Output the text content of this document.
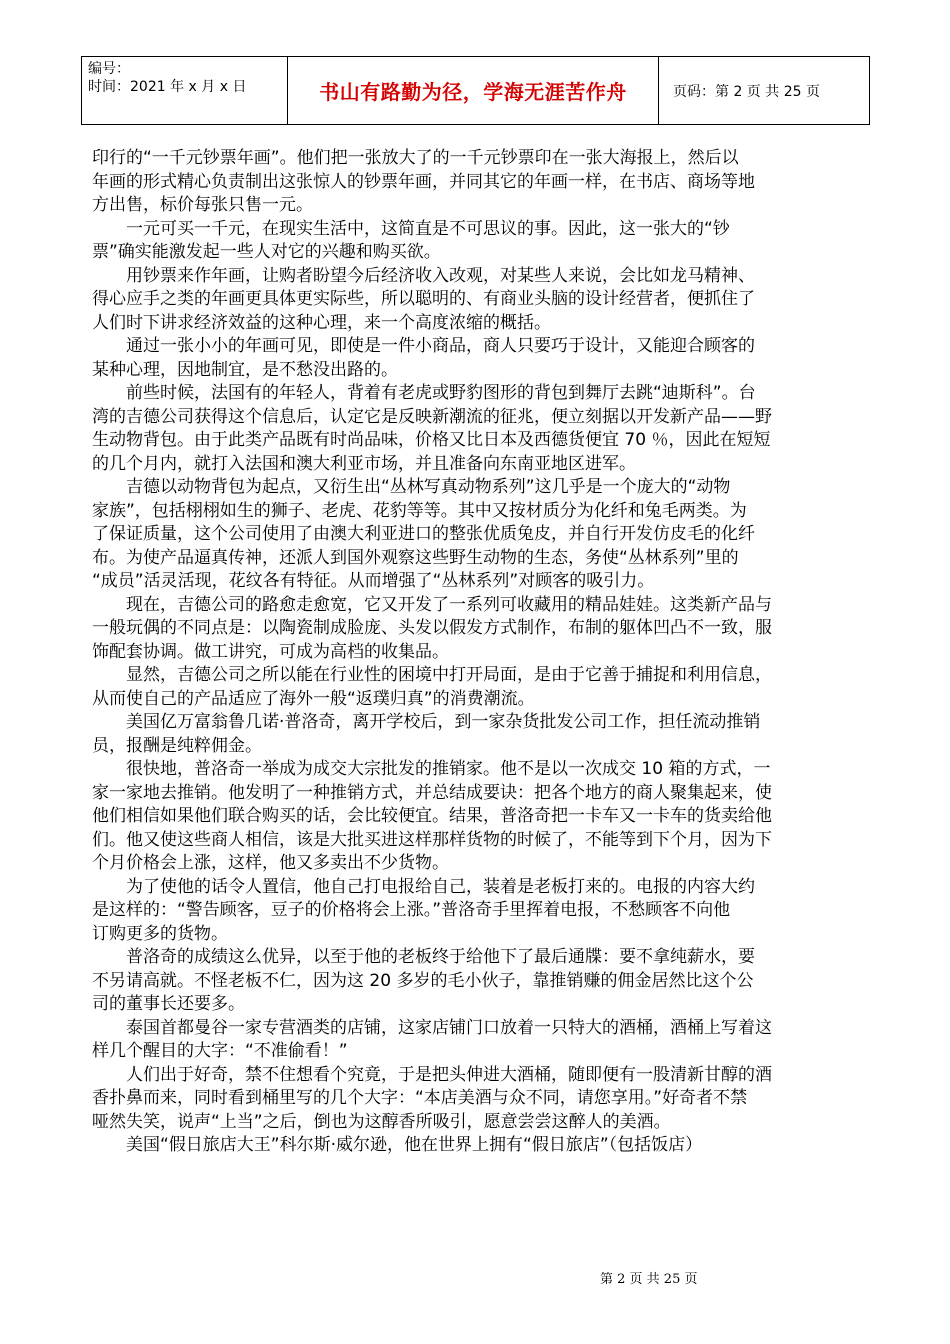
编号：
时间：2021 年 x 月 x 日	书山有路勤为径，学海无涯苦作舟	页码：第 2 页 共 25 页
印行的“一千元钞票年画”。他们把一张放大了的一千元钞票印在一张大海报上，然后以
年画的形式精心负责制出这张惊人的钞票年画，并同其它的年画一样，在书店、商场等地
方出售，标价每张只售一元。
　　一元可买一千元，在现实生活中，这简直是不可思议的事。因此，这一张大的“钞
票”确实能激发起一些人对它的兴趣和购买欲。
　　用钞票来作年画，让购者盼望今后经济收入改观，对某些人来说，会比如龙马精神、
得心应手之类的年画更具体更实际些，所以聪明的、有商业头脑的设计经营者，便抓住了
人们时下讲求经济效益的这种心理，来一个高度浓缩的概括。
　　通过一张小小的年画可见，即使是一件小商品，商人只要巧于设计，又能迎合顾客的
某种心理，因地制宜，是不愁没出路的。
　　前些时候，法国有的年轻人，背着有老虎或野豹图形的背包到舞厅去跳“迪斯科”。台
湾的吉德公司获得这个信息后，认定它是反映新潮流的征兆，便立刻据以开发新产品——野
生动物背包。由于此类产品既有时尚品味，价格又比日本及西德货便宜 70 ％，因此在短短
的几个月内，就打入法国和澳大利亚市场，并且准备向东南亚地区进军。
　　吉德以动物背包为起点，又衍生出“丛林写真动物系列”这几乎是一个庞大的“动物
家族”，包括栩栩如生的狮子、老虎、花豹等等。其中又按材质分为化纤和兔毛两类。为
了保证质量，这个公司使用了由澳大利亚进口的整张优质兔皮，并自行开发仿皮毛的化纤
布。为使产品逼真传神，还派人到国外观察这些野生动物的生态，务使“丛林系列”里的
“成员”活灵活现，花纹各有特征。从而增强了“丛林系列”对顾客的吸引力。
　　现在，吉德公司的路愈走愈宽，它又开发了一系列可收藏用的精品娃娃。这类新产品与
一般玩偶的不同点是：以陶瓷制成脸庞、头发以假发方式制作，布制的躯体凹凸不一致，服
饰配套协调。做工讲究，可成为高档的收集品。
　　显然，吉德公司之所以能在行业性的困境中打开局面，是由于它善于捕捉和利用信息，
从而使自己的产品适应了海外一般“返璞归真”的消费潮流。
　　美国亿万富翁鲁几诺·普洛奇，离开学校后，到一家杂货批发公司工作，担任流动推销
员，报酬是纯粹佣金。
　　很快地，普洛奇一举成为成交大宗批发的推销家。他不是以一次成交 10 箱的方式，一
家一家地去推销。他发明了一种推销方式，并总结成要诀：把各个地方的商人聚集起来，使
他们相信如果他们联合购买的话，会比较便宜。结果，普洛奇把一卡车又一卡车的货卖给他
们。他又使这些商人相信，该是大批买进这样那样货物的时候了，不能等到下个月，因为下
个月价格会上涨，这样，他又多卖出不少货物。
　　为了使他的话令人置信，他自己打电报给自己，装着是老板打来的。电报的内容大约
是这样的：“警告顾客，豆子的价格将会上涨。”普洛奇手里挥着电报，不愁顾客不向他
订购更多的货物。
　　普洛奇的成绩这么优异，以至于他的老板终于给他下了最后通牒：要不拿纯薪水，要
不另请高就。不怪老板不仁，因为这 20 多岁的毛小伙子，靠推销赚的佣金居然比这个公
司的董事长还要多。
　　泰国首都曼谷一家专营酒类的店铺，这家店铺门口放着一只特大的酒桶，酒桶上写着这
样几个醒目的大字：“不准偷看！”
　　人们出于好奇，禁不住想看个究竟，于是把头伸进大酒桶，随即便有一股清新甘醇的酒
香扑鼻而来，同时看到桶里写的几个大字：“本店美酒与众不同，请您享用。”好奇者不禁
哑然失笑，说声“上当”之后，倒也为这醇香所吸引，愿意尝尝这醉人的美酒。
　　美国“假日旅店大王”科尔斯·威尔逊，他在世界上拥有“假日旅店”（包括饭店）
第 2 页 共 25 页
